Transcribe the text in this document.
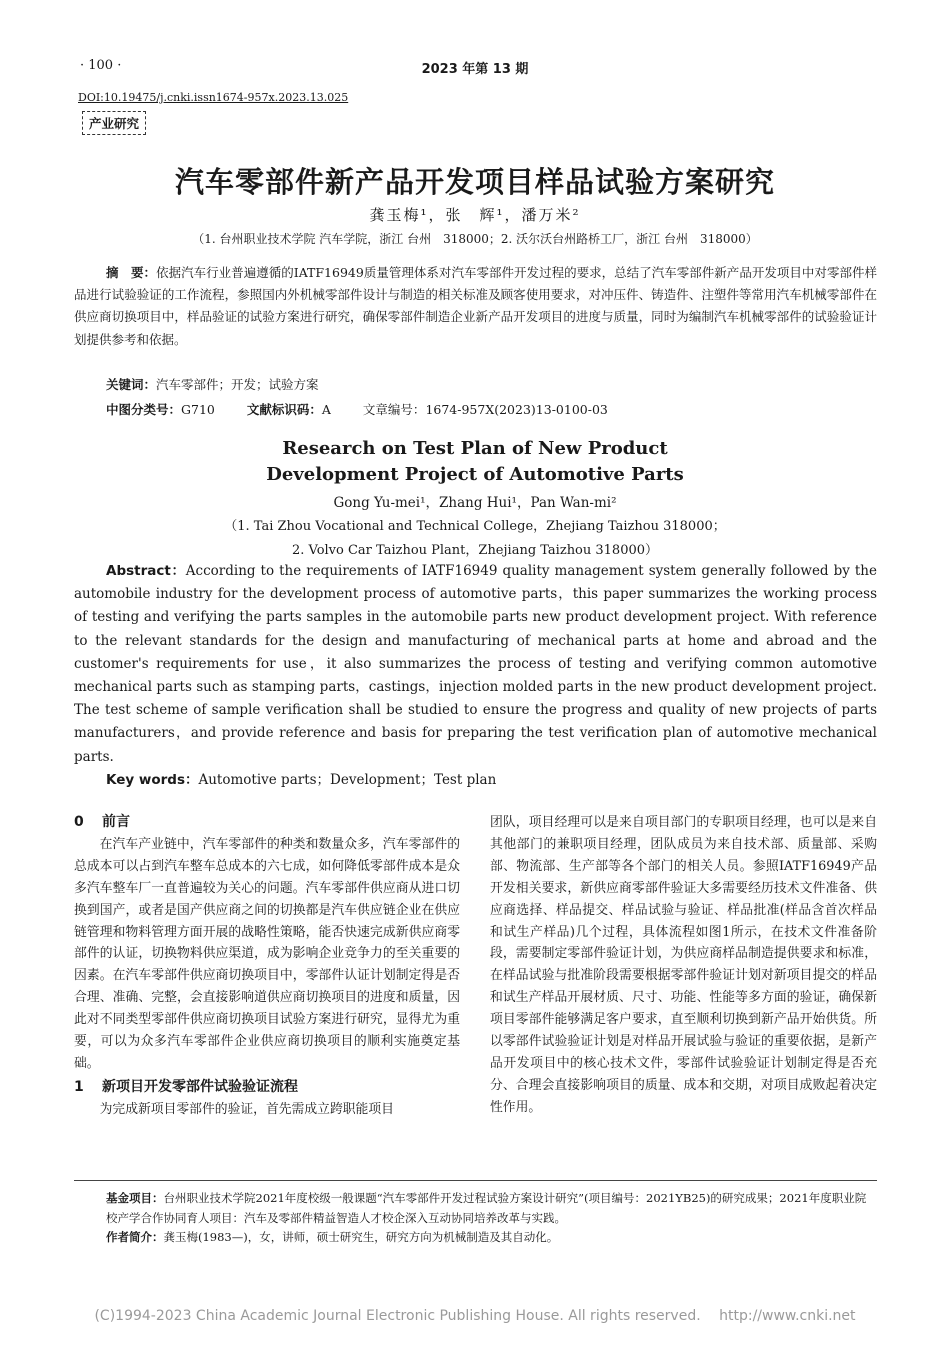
· 100 ·	2023 年第 13 期
DOI:10.19475/j.cnki.issn1674-957x.2023.13.025
产业研究
汽车零部件新产品开发项目样品试验方案研究
龚玉梅¹，张　辉¹，潘万米²
（1. 台州职业技术学院 汽车学院，浙江 台州　318000；2. 沃尔沃台州路桥工厂，浙江 台州　318000）
摘　要：依据汽车行业普遍遵循的IATF16949质量管理体系对汽车零部件开发过程的要求，总结了汽车零部件新产品开发项目中对零部件样品进行试验验证的工作流程，参照国内外机械零部件设计与制造的相关标准及顾客使用要求，对冲压件、铸造件、注塑件等常用汽车机械零部件在供应商切换项目中，样品验证的试验方案进行研究，确保零部件制造企业新产品开发项目的进度与质量，同时为编制汽车机械零部件的试验验证计划提供参考和依据。
关键词：汽车零部件；开发；试验方案
中图分类号：G710	文献标识码：A	文章编号：1674-957X(2023)13-0100-03
Research on Test Plan of New Product
Development Project of Automotive Parts
Gong Yu-mei¹，Zhang Hui¹，Pan Wan-mi²
（1. Tai Zhou Vocational and Technical College，Zhejiang Taizhou 318000；
2. Volvo Car Taizhou Plant，Zhejiang Taizhou 318000）
Abstract：According to the requirements of IATF16949 quality management system generally followed by the automobile industry for the development process of automotive parts，this paper summarizes the working process of testing and verifying the parts samples in the automobile parts new product development project. With reference to the relevant standards for the design and manufacturing of mechanical parts at home and abroad and the customer's requirements for use，it also summarizes the process of testing and verifying common automotive mechanical parts such as stamping parts，castings，injection molded parts in the new product development project. The test scheme of sample verification shall be studied to ensure the progress and quality of new projects of parts manufacturers，and provide reference and basis for preparing the test verification plan of automotive mechanical parts.
Key words：Automotive parts；Development；Test plan

0 前言

在汽车产业链中，汽车零部件的种类和数量众多，汽车零部件的总成本可以占到汽车整车总成本的六七成，如何降低零部件成本是众多汽车整车厂一直普遍较为关心的问题。汽车零部件供应商从进口切换到国产，或者是国产供应商之间的切换都是汽车供应链企业在供应链管理和物料管理方面开展的战略性策略，能否快速完成新供应商零部件的认证，切换物料供应渠道，成为影响企业竞争力的至关重要的因素。在汽车零部件供应商切换项目中，零部件认证计划制定得是否合理、准确、完整，会直接影响道供应商切换项目的进度和质量，因此对不同类型零部件供应商切换项目试验方案进行研究，显得尤为重要，可以为众多汽车零部件企业供应商切换项目的顺利实施奠定基础。

1 新项目开发零部件试验验证流程

为完成新项目零部件的验证，首先需成立跨职能项目

团队，项目经理可以是来自项目部门的专职项目经理，也可以是来自其他部门的兼职项目经理，团队成员为来自技术部、质量部、采购部、物流部、生产部等各个部门的相关人员。参照IATF16949产品开发相关要求，新供应商零部件验证大多需要经历技术文件准备、供应商选择、样品提交、样品试验与验证、样品批准(样品含首次样品和试生产样品)几个过程，具体流程如图1所示，在技术文件准备阶段，需要制定零部件验证计划，为供应商样品制造提供要求和标准，在样品试验与批准阶段需要根据零部件验证计划对新项目提交的样品和试生产样品开展材质、尺寸、功能、性能等多方面的验证，确保新项目零部件能够满足客户要求，直至顺利切换到新产品开始供货。所以零部件试验验证计划是对样品开展试验与验证的重要依据，是新产品开发项目中的核心技术文件，零部件试验验证计划制定得是否充分、合理会直接影响项目的质量、成本和交期，对项目成败起着决定性作用。

基金项目：台州职业技术学院2021年度校级一般课题“汽车零部件开发过程试验方案设计研究”(项目编号：2021YB25)的研究成果；2021年度职业院校产学合作协同育人项目：汽车及零部件精益智造人才校企深入互动协同培养改革与实践。
作者简介：龚玉梅(1983—)，女，讲师，硕士研究生，研究方向为机械制造及其自动化。
(C)1994-2023 China Academic Journal Electronic Publishing House. All rights reserved.　 http://www.cnki.net
